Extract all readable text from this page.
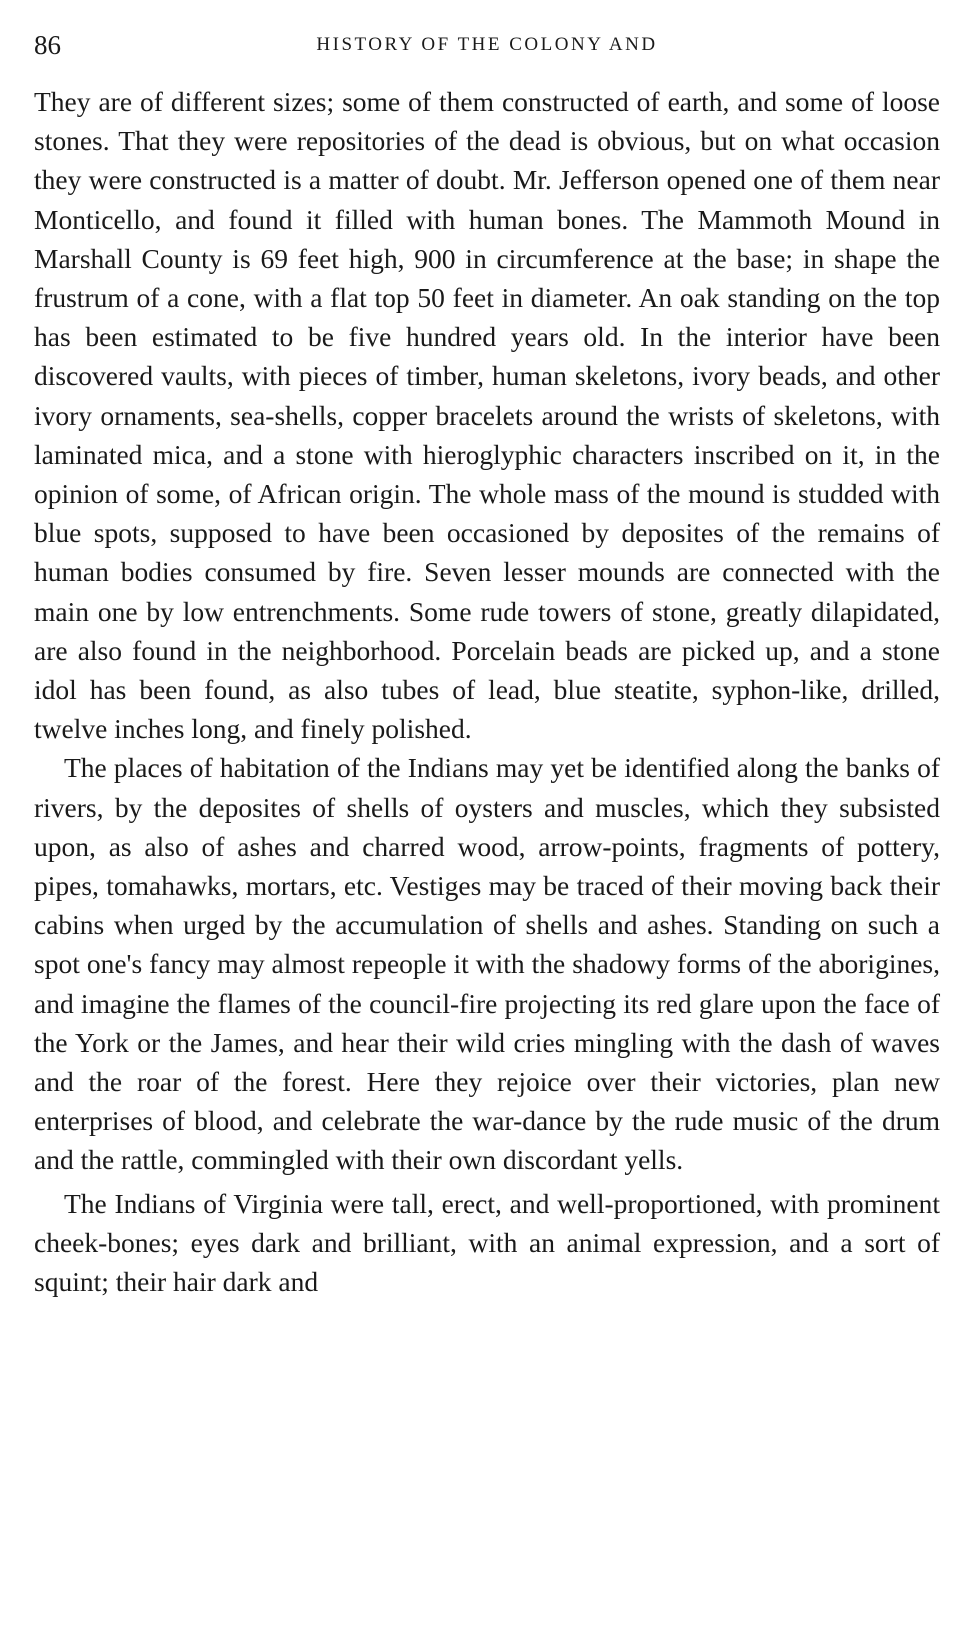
86	HISTORY OF THE COLONY AND

They are of different sizes; some of them constructed of earth, and some of loose stones. That they were repositories of the dead is obvious, but on what occasion they were constructed is a matter of doubt. Mr. Jefferson opened one of them near Monticello, and found it filled with human bones. The Mammoth Mound in Marshall County is 69 feet high, 900 in circumference at the base; in shape the frustrum of a cone, with a flat top 50 feet in diameter. An oak standing on the top has been estimated to be five hundred years old. In the interior have been discovered vaults, with pieces of timber, human skeletons, ivory beads, and other ivory ornaments, sea-shells, copper bracelets around the wrists of skeletons, with laminated mica, and a stone with hieroglyphic characters inscribed on it, in the opinion of some, of African origin. The whole mass of the mound is studded with blue spots, supposed to have been occasioned by deposites of the remains of human bodies consumed by fire. Seven lesser mounds are connected with the main one by low entrenchments. Some rude towers of stone, greatly dilapidated, are also found in the neighborhood. Porcelain beads are picked up, and a stone idol has been found, as also tubes of lead, blue steatite, syphon-like, drilled, twelve inches long, and finely polished.

The places of habitation of the Indians may yet be identified along the banks of rivers, by the deposites of shells of oysters and muscles, which they subsisted upon, as also of ashes and charred wood, arrow-points, fragments of pottery, pipes, tomahawks, mortars, etc. Vestiges may be traced of their moving back their cabins when urged by the accumulation of shells and ashes. Standing on such a spot one's fancy may almost repeople it with the shadowy forms of the aborigines, and imagine the flames of the council-fire projecting its red glare upon the face of the York or the James, and hear their wild cries mingling with the dash of waves and the roar of the forest. Here they rejoice over their victories, plan new enterprises of blood, and celebrate the war-dance by the rude music of the drum and the rattle, commingled with their own discordant yells.

The Indians of Virginia were tall, erect, and well-proportioned, with prominent cheek-bones; eyes dark and brilliant, with an animal expression, and a sort of squint; their hair dark and
